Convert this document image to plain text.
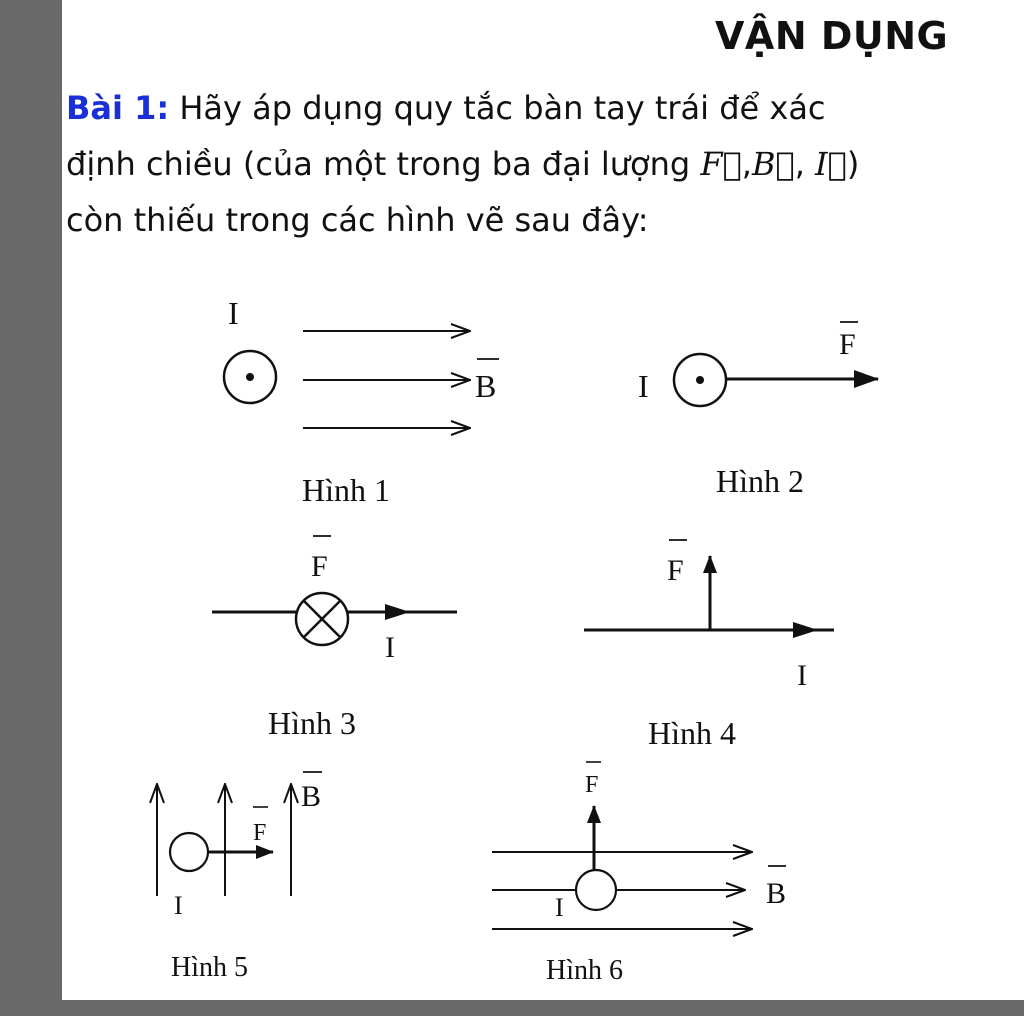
VẬN DỤNG
Bài 1: Hãy áp dụng quy tắc bàn tay trái để xác
định chiều (của một trong ba đại lượng F⃗,B⃗, I⃗)
còn thiếu trong các hình vẽ sau đây:
I
B
Hình 1
I
F
Hình 2
F
I
Hình 3
F
I
Hình 4
B
F
I
Hình 5
F
I	B
Hình 6
